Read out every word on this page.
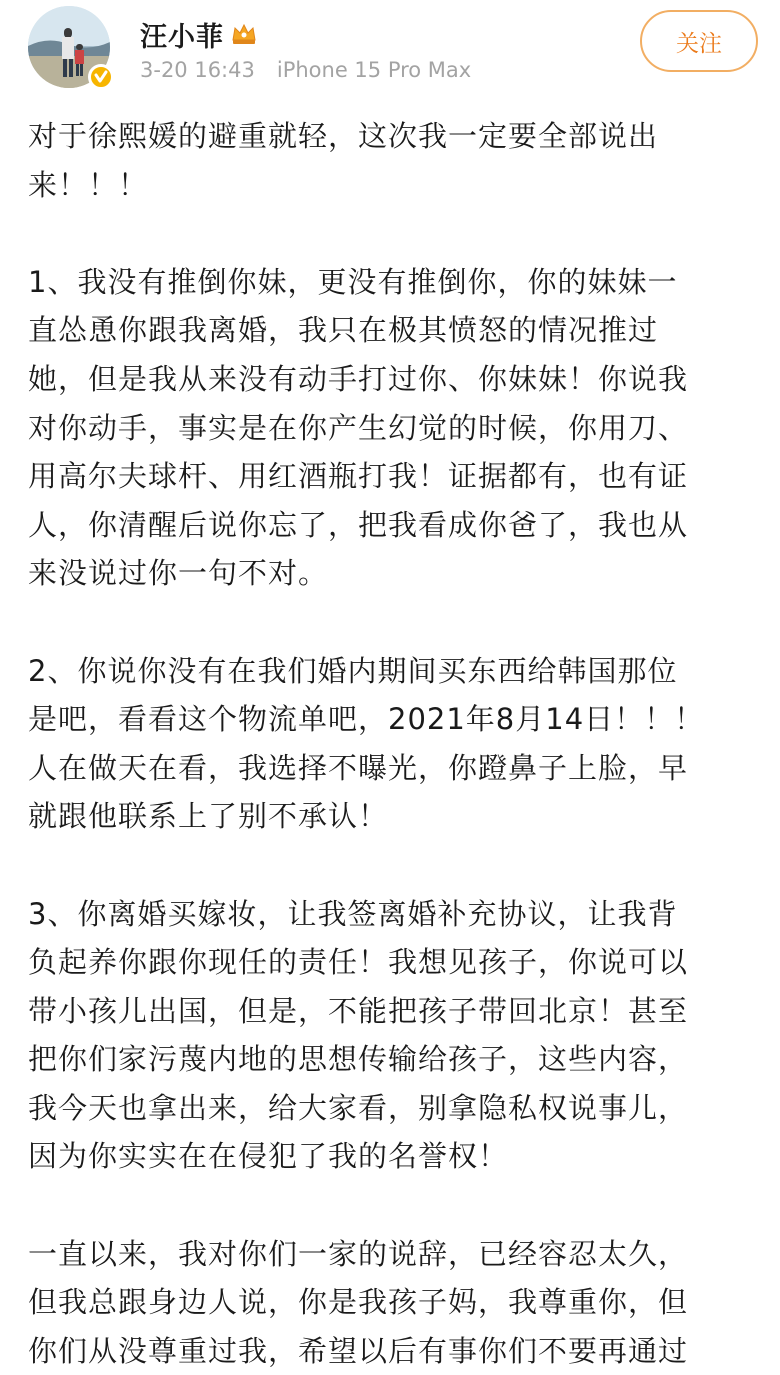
汪小菲
3-20 16:43 iPhone 15 Pro Max
关注
对于徐熙媛的避重就轻，这次我一定要全部说出
来！！！
1、我没有推倒你妹，更没有推倒你，你的妹妹一
直怂恿你跟我离婚，我只在极其愤怒的情况推过
她，但是我从来没有动手打过你、你妹妹！你说我
对你动手，事实是在你产生幻觉的时候，你用刀、
用高尔夫球杆、用红酒瓶打我！证据都有，也有证
人，你清醒后说你忘了，把我看成你爸了，我也从
来没说过你一句不对。
2、你说你没有在我们婚内期间买东西给韩国那位
是吧，看看这个物流单吧，2021年8月14日！！！
人在做天在看，我选择不曝光，你蹬鼻子上脸，早
就跟他联系上了别不承认！
3、你离婚买嫁妆，让我签离婚补充协议，让我背
负起养你跟你现任的责任！我想见孩子，你说可以
带小孩儿出国，但是，不能把孩子带回北京！甚至
把你们家污蔑内地的思想传输给孩子，这些内容，
我今天也拿出来，给大家看，别拿隐私权说事儿，
因为你实实在在侵犯了我的名誉权！
一直以来，我对你们一家的说辞，已经容忍太久，
但我总跟身边人说，你是我孩子妈，我尊重你，但
你们从没尊重过我，希望以后有事你们不要再通过
